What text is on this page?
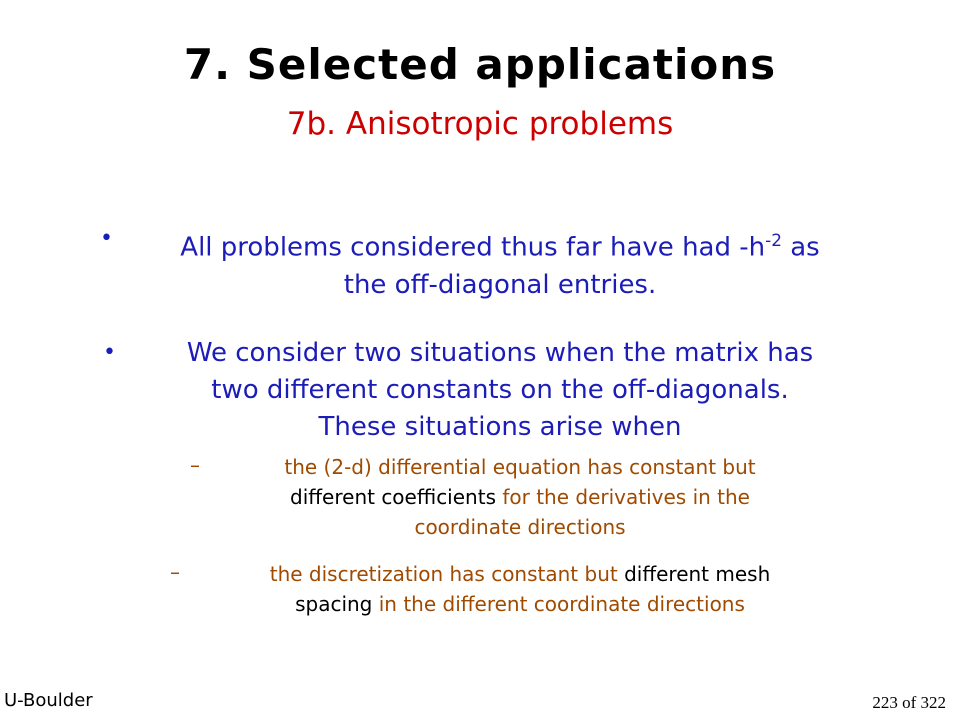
7. Selected applications
7b. Anisotropic problems
•	All problems considered thus far have had $-h^{-2}$ as
the off-diagonal entries.
•	We consider two situations when the matrix has
two different constants on the off-diagonals.
These situations arise when
–	the (2-d) differential equation has constant but
different coefficients for the derivatives in the
coordinate directions
–	the discretization has constant but different mesh
spacing in the different coordinate directions
U-Boulder	223 of 322
